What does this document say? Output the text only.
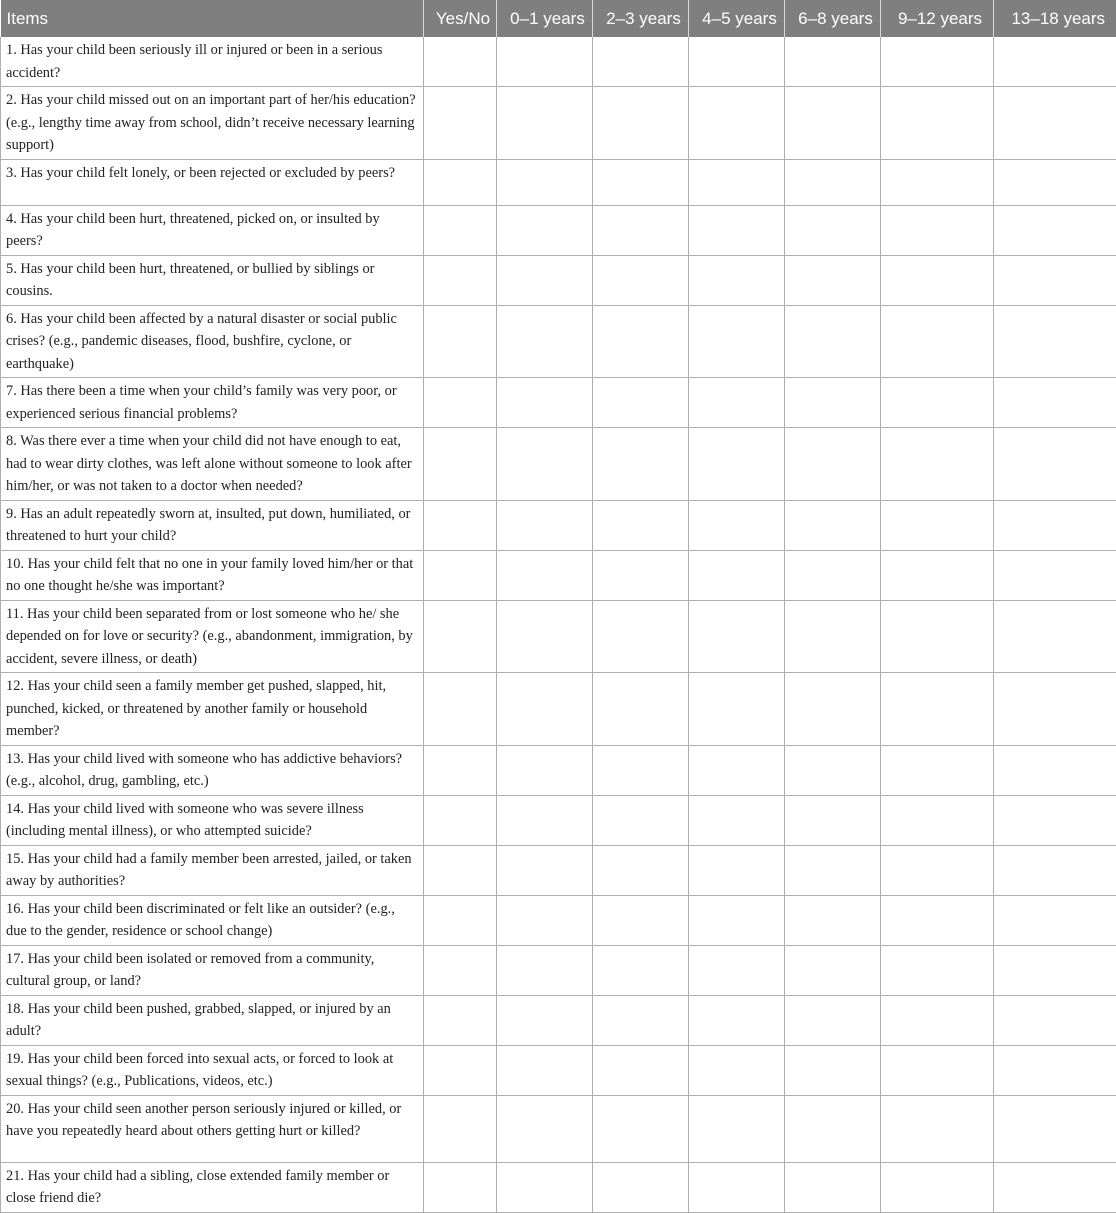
Items	Yes/No	0–1 years	2–3 years	4–5 years	6–8 years	9–12 years	13–18 years
1. Has your child been seriously ill or injured or been in a serious accident?							
2. Has your child missed out on an important part of her/his education? (e.g., lengthy time away from school, didn’t receive necessary learning support)							
3. Has your child felt lonely, or been rejected or excluded by peers?							
4. Has your child been hurt, threatened, picked on, or insulted by peers?							
5. Has your child been hurt, threatened, or bullied by siblings or cousins.							
6. Has your child been affected by a natural disaster or social public crises? (e.g., pandemic diseases, flood, bushfire, cyclone, or earthquake)							
7. Has there been a time when your child’s family was very poor, or experienced serious financial problems?							
8. Was there ever a time when your child did not have enough to eat, had to wear dirty clothes, was left alone without someone to look after him/her, or was not taken to a doctor when needed?							
9. Has an adult repeatedly sworn at, insulted, put down, humiliated, or threatened to hurt your child?							
10. Has your child felt that no one in your family loved him/her or that no one thought he/she was important?							
11. Has your child been separated from or lost someone who he/ she depended on for love or security? (e.g., abandonment, immigration, by accident, severe illness, or death)							
12. Has your child seen a family member get pushed, slapped, hit, punched, kicked, or threatened by another family or household member?							
13. Has your child lived with someone who has addictive behaviors? (e.g., alcohol, drug, gambling, etc.)							
14. Has your child lived with someone who was severe illness (including mental illness), or who attempted suicide?							
15. Has your child had a family member been arrested, jailed, or taken away by authorities?							
16. Has your child been discriminated or felt like an outsider? (e.g., due to the gender, residence or school change)							
17. Has your child been isolated or removed from a community, cultural group, or land?							
18. Has your child been pushed, grabbed, slapped, or injured by an adult?							
19. Has your child been forced into sexual acts, or forced to look at sexual things? (e.g., Publications, videos, etc.)							
20. Has your child seen another person seriously injured or killed, or have you repeatedly heard about others getting hurt or killed?							
21. Has your child had a sibling, close extended family member or close friend die?							
